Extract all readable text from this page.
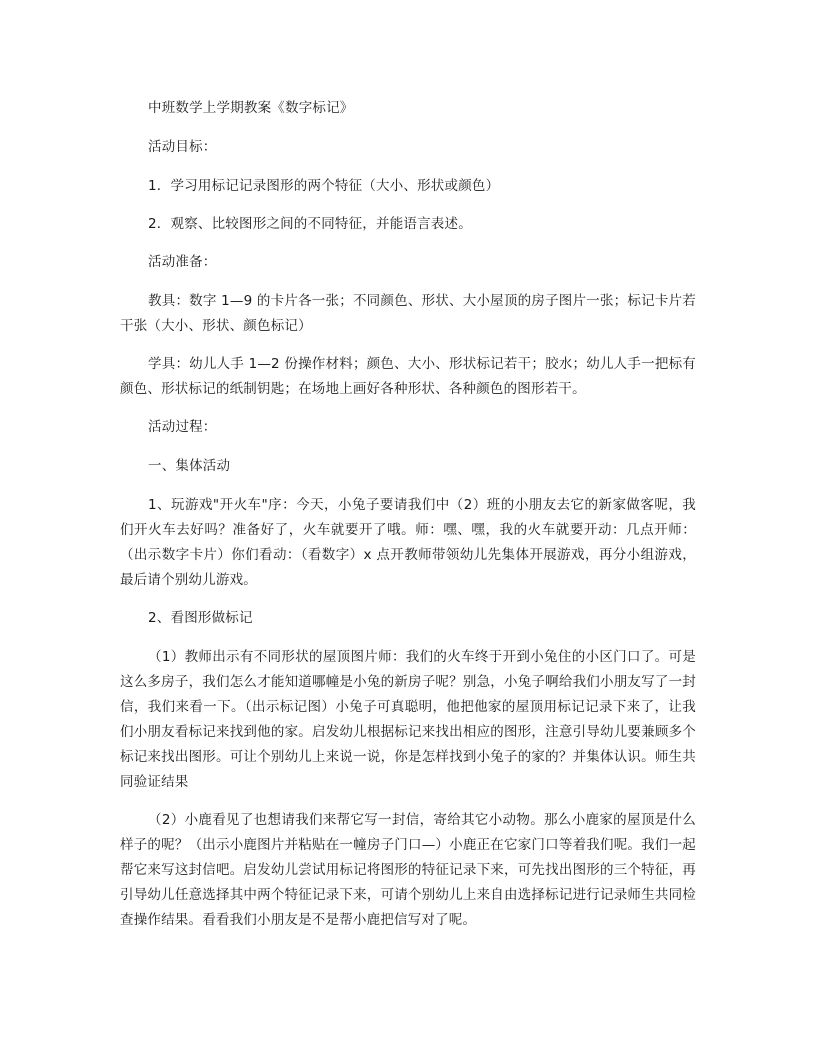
中班数学上学期教案《数字标记》

活动目标：

1．学习用标记记录图形的两个特征（大小、形状或颜色）

2．观察、比较图形之间的不同特征，并能语言表述。

活动准备：

教具：数字 1—9 的卡片各一张；不同颜色、形状、大小屋顶的房子图片一张；标记卡片若干张（大小、形状、颜色标记）

学具：幼儿人手 1—2 份操作材料；颜色、大小、形状标记若干；胶水；幼儿人手一把标有颜色、形状标记的纸制钥匙；在场地上画好各种形状、各种颜色的图形若干。

活动过程：

一、集体活动

1、玩游戏"开火车"序：今天，小兔子要请我们中（2）班的小朋友去它的新家做客呢，我们开火车去好吗？准备好了，火车就要开了哦。师：嘿、嘿，我的火车就要开动：几点开师：（出示数字卡片）你们看动：（看数字）x 点开教师带领幼儿先集体开展游戏，再分小组游戏，最后请个别幼儿游戏。

2、看图形做标记

（1）教师出示有不同形状的屋顶图片师：我们的火车终于开到小兔住的小区门口了。可是这么多房子，我们怎么才能知道哪幢是小兔的新房子呢？别急，小兔子啊给我们小朋友写了一封信，我们来看一下。（出示标记图）小兔子可真聪明，他把他家的屋顶用标记记录下来了，让我们小朋友看标记来找到他的家。启发幼儿根据标记来找出相应的图形，注意引导幼儿要兼顾多个标记来找出图形。可让个别幼儿上来说一说，你是怎样找到小兔子的家的？并集体认识。师生共同验证结果

（2）小鹿看见了也想请我们来帮它写一封信，寄给其它小动物。那么小鹿家的屋顶是什么样子的呢？（出示小鹿图片并粘贴在一幢房子门口—）小鹿正在它家门口等着我们呢。我们一起帮它来写这封信吧。启发幼儿尝试用标记将图形的特征记录下来，可先找出图形的三个特征，再引导幼儿任意选择其中两个特征记录下来，可请个别幼儿上来自由选择标记进行记录师生共同检查操作结果。看看我们小朋友是不是帮小鹿把信写对了呢。
